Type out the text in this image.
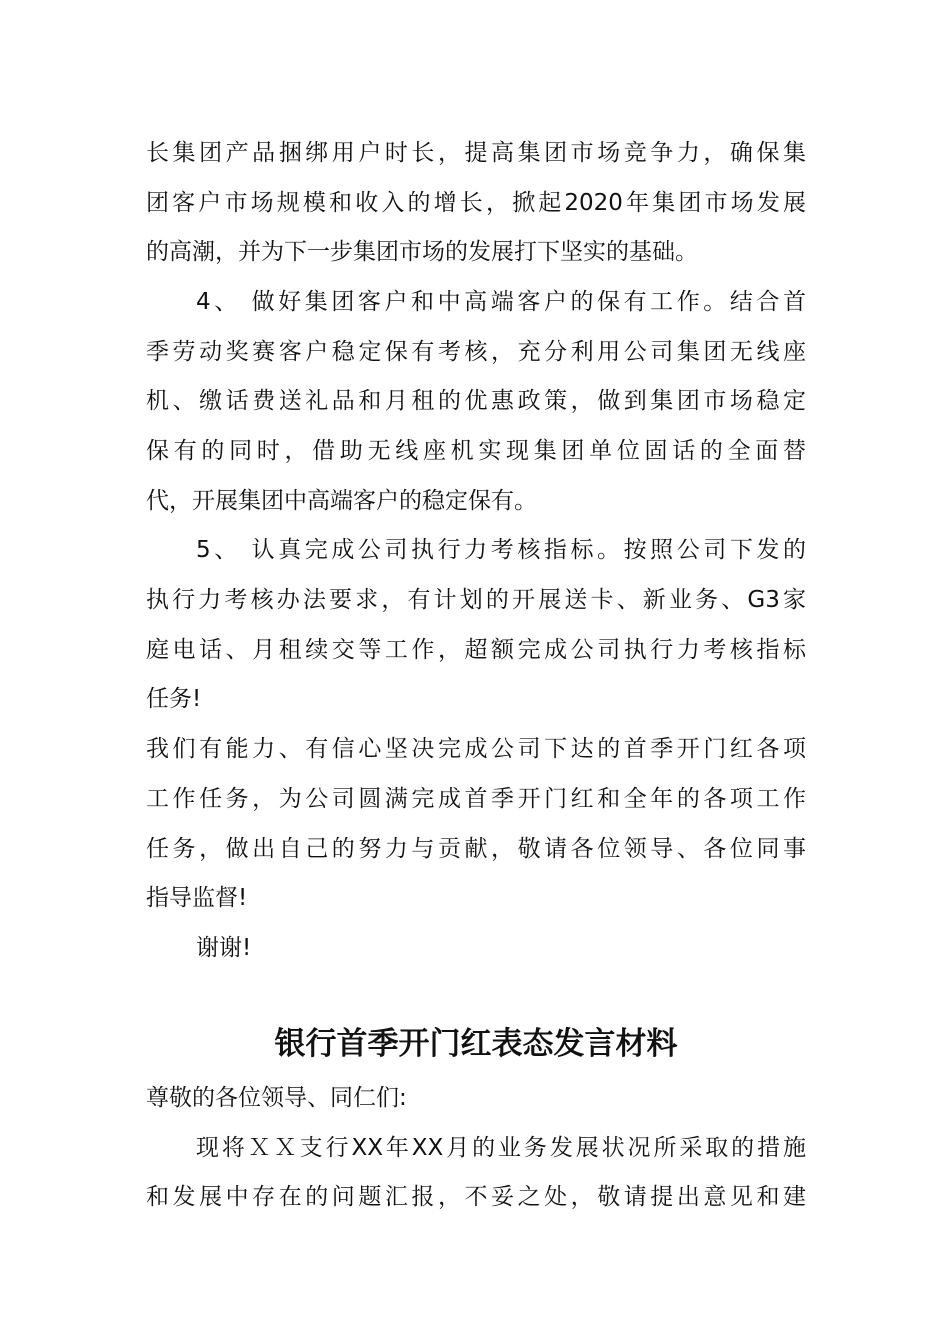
长集团产品捆绑用户时长，提高集团市场竞争力，确保集
团客户市场规模和收入的增长，掀起2020年集团市场发展
的高潮，并为下一步集团市场的发展打下坚实的基础。
4、 做好集团客户和中高端客户的保有工作。结合首
季劳动奖赛客户稳定保有考核，充分利用公司集团无线座
机、缴话费送礼品和月租的优惠政策，做到集团市场稳定
保有的同时，借助无线座机实现集团单位固话的全面替
代，开展集团中高端客户的稳定保有。
5、 认真完成公司执行力考核指标。按照公司下发的
执行力考核办法要求，有计划的开展送卡、新业务、G3家
庭电话、月租续交等工作，超额完成公司执行力考核指标
任务!
我们有能力、有信心坚决完成公司下达的首季开门红各项
工作任务，为公司圆满完成首季开门红和全年的各项工作
任务，做出自己的努力与贡献，敬请各位领导、各位同事
指导监督!
谢谢!
银行首季开门红表态发言材料
尊敬的各位领导、同仁们:
现将ＸＸ支行XX年XX月的业务发展状况所采取的措施
和发展中存在的问题汇报，不妥之处，敬请提出意见和建
